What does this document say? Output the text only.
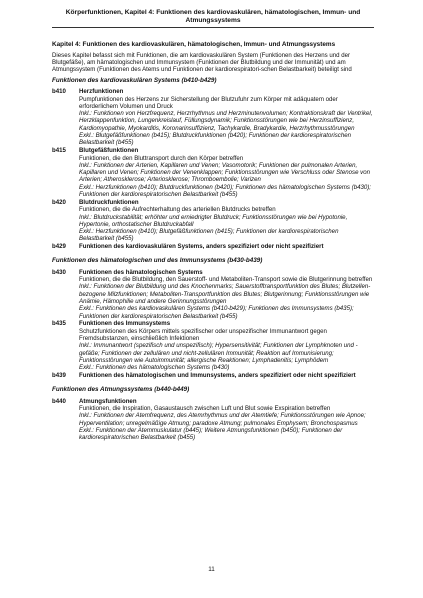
Körperfunktionen, Kapitel 4: Funktionen des kardiovaskulären, hämatologischen, Immun- und
Atmungssystems
Kapitel 4: Funktionen des kardiovaskulären, hämatologischen, Immun- und Atmungssystems
Dieses Kapitel befasst sich mit Funktionen, die am kardiovaskulären System (Funktionen des Herzens und der Blutgefäße), am hämatologischen und Immunsystem (Funktionen der Blutbildung und der Immunität) und am Atmungssystem (Funktionen des Atems und Funktionen der kardiorespiratori-schen Belastbarkeit) beteiligt sind
Funktionen des kardiovaskulären Systems (b410-b429)
b410	Herzfunktionen
Pumpfunktionen des Herzens zur Sicherstellung der Blutzufuhr zum Körper mit adäquatem oder erforderlichem Volumen und Druck
Inkl.: Funktionen von Herzfrequenz, Herzrhythmus und Herzminutenvolumen; Kontraktionskraft der Ventrikel, Herzklappenfunktion, Lungenkreislauf, Füllungsdynamik; Funktionsstörungen wie bei Herzinsuffizienz, Kardiomyopathie, Myokarditis, Koronarinsuffizienz, Tachykardie, Bradykardie, Herzrhythmusstörungen
Exkl.: Blutgefäßfunktionen (b415); Blutdruckfunktionen (b420); Funktionen der kardiorespiratorischen Belastbarkeit (b455)
b415	Blutgefäßfunktionen
Funktionen, die den Bluttransport durch den Körper betreffen
Inkl.: Funktionen der Arterien, Kapillaren und Venen; Vasomotorik; Funktionen der pulmonalen Arterien, Kapillaren und Venen; Funktionen der Venenklappen; Funktionsstörungen wie Verschluss oder Stenose von Arterien; Atherosklerose; Arteriosklerose; Thromboembolie; Varizen
Exkl.: Herzfunktionen (b410); Blutdruckfunktionen (b420); Funktionen des hämatologischen Systems (b430); Funktionen der kardiorespiratorischen Belastbarkeit (b455)
b420	Blutdruckfunktionen
Funktionen, die die Aufrechterhaltung des arteriellen Blutdrucks betreffen
Inkl.: Blutdruckstabilität; erhöhter und erniedrigter Blutdruck; Funktionsstörungen wie bei Hypotonie, Hypertonie, orthostatischer Blutdruckabfall
Exkl.: Herzfunktionen (b410); Blutgefäßfunktionen (b415); Funktionen der kardiorespiratorischen Belastbarkeit (b455)
b429	Funktionen des kardiovaskulären Systems, anders spezifiziert oder nicht spezifiziert
Funktionen des hämatologischen und des Immunsystems (b430-b439)
b430	Funktionen des hämatologischen Systems
Funktionen, die die Blutbildung, den Sauerstoff- und Metaboliten-Transport sowie die Blutgerinnung betreffen
Inkl.: Funktionen der Blutbildung und des Knochenmarks; Sauerstofftransportfunktion des Blutes; Blutzellen-bezogene Milzfunktionen; Metaboliten-Transportfunktion des Blutes; Blutgerinnung; Funktionsstörungen wie Anämie, Hämophilie und andere Gerinnungsstörungen
Exkl.: Funktionen des kardiovaskulären Systems (b410-b429); Funktionen des Immunsystems (b435); Funktionen der kardiorespiratorischen Belastbarkeit (b455)
b435	Funktionen des Immunsystems
Schutzfunktionen des Körpers mittels spezifischer oder unspezifischer Immunantwort gegen Fremdsubstanzen, einschließlich Infektionen
Inkl.: Immunantwort (spezifisch und unspezifisch); Hypersensitivität; Funktionen der Lymphknoten und -gefäße; Funktionen der zellulären und nicht-zellulären Immunität; Reaktion auf Immunisierung; Funktionsstörungen wie Autoimmunität; allergische Reaktionen; Lymphadenitis; Lymphödem
Exkl.: Funktionen des hämatologischen Systems (b430)
b439	Funktionen des hämatologischen und Immunsystems, anders spezifiziert oder nicht spezifiziert
Funktionen des Atmungssystems (b440-b449)
b440	Atmungsfunktionen
Funktionen, die Inspiration, Gasaustausch zwischen Luft und Blut sowie Exspiration betreffen
Inkl.: Funktionen der Atemfrequenz, des Atemrhythmus und der Atemtiefe; Funktionsstörungen wie Apnoe; Hyperventilation; unregelmäßige Atmung; paradoxe Atmung; pulmonales Emphysem; Bronchospasmus
Exkl.: Funktionen der Atemmuskulatur (b445); Weitere Atmungsfunktionen (b450); Funktionen der kardiorespiratorischen Belastbarkeit (b455)
11
